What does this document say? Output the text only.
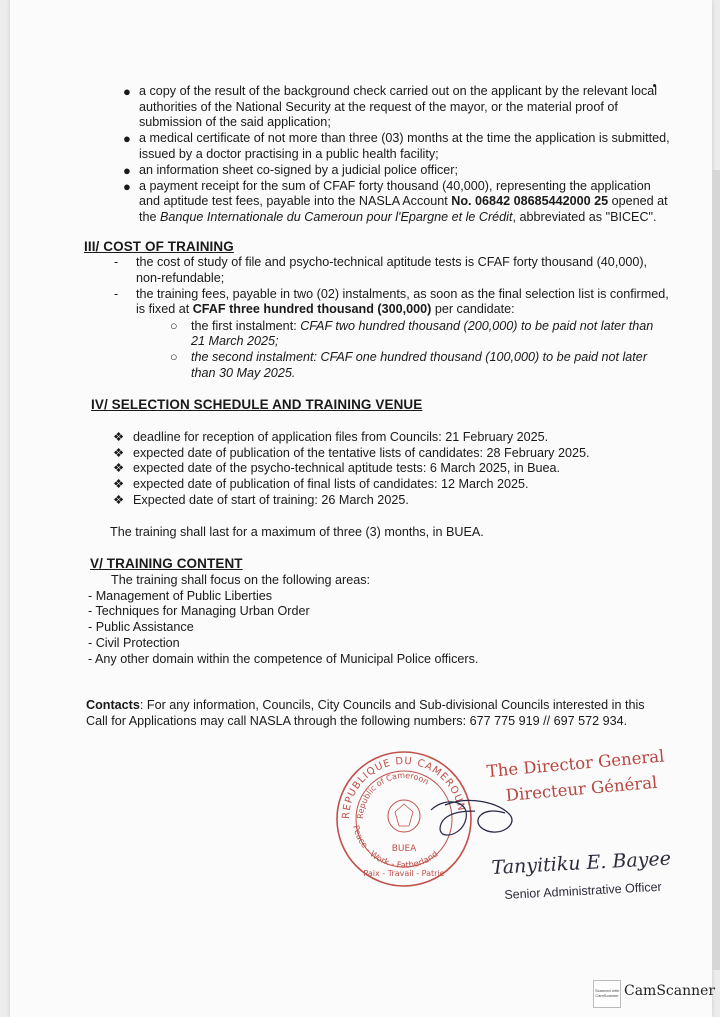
● a copy of the result of the background check carried out on the applicant by the relevant local
authorities of the National Security at the request of the mayor, or the material proof of
submission of the said application;
● a medical certificate of not more than three (03) months at the time the application is submitted,
issued by a doctor practising in a public health facility;
● an information sheet co-signed by a judicial police officer;
● a payment receipt for the sum of CFAF forty thousand (40,000), representing the application
and aptitude test fees, payable into the NASLA Account No. 06842 08685442000 25 opened at
the Banque Internationale du Cameroun pour l'Epargne et le Crédit, abbreviated as "BICEC".
III/ COST OF TRAINING
- the cost of study of file and psycho-technical aptitude tests is CFAF forty thousand (40,000),
non-refundable;
- the training fees, payable in two (02) instalments, as soon as the final selection list is confirmed,
is fixed at CFAF three hundred thousand (300,000) per candidate:
○ the first instalment: CFAF two hundred thousand (200,000) to be paid not later than
21 March 2025;
○ the second instalment: CFAF one hundred thousand (100,000) to be paid not later
than 30 May 2025.
IV/ SELECTION SCHEDULE AND TRAINING VENUE
❖ deadline for reception of application files from Councils: 21 February 2025.
❖ expected date of publication of the tentative lists of candidates: 28 February 2025.
❖ expected date of the psycho-technical aptitude tests: 6 March 2025, in Buea.
❖ expected date of publication of final lists of candidates: 12 March 2025.
❖ Expected date of start of training: 26 March 2025.
The training shall last for a maximum of three (3) months, in BUEA.
V/ TRAINING CONTENT
The training shall focus on the following areas:
- Management of Public Liberties
- Techniques for Managing Urban Order
- Public Assistance
- Civil Protection
- Any other domain within the competence of Municipal Police officers.
Contacts: For any information, Councils, City Councils and Sub-divisional Councils interested in this
Call for Applications may call NASLA through the following numbers: 677 775 919 // 697 572 934.
REPUBLIQUE DU CAMEROUN
Republic of Cameroon
Peace - Work - Fatherland
BUEA
Paix - Travail - Patrie
The Director General
Directeur Général
Tanyitiku E. Bayee
Senior Administrative Officer
Scanned with CamScanner CamScanner
